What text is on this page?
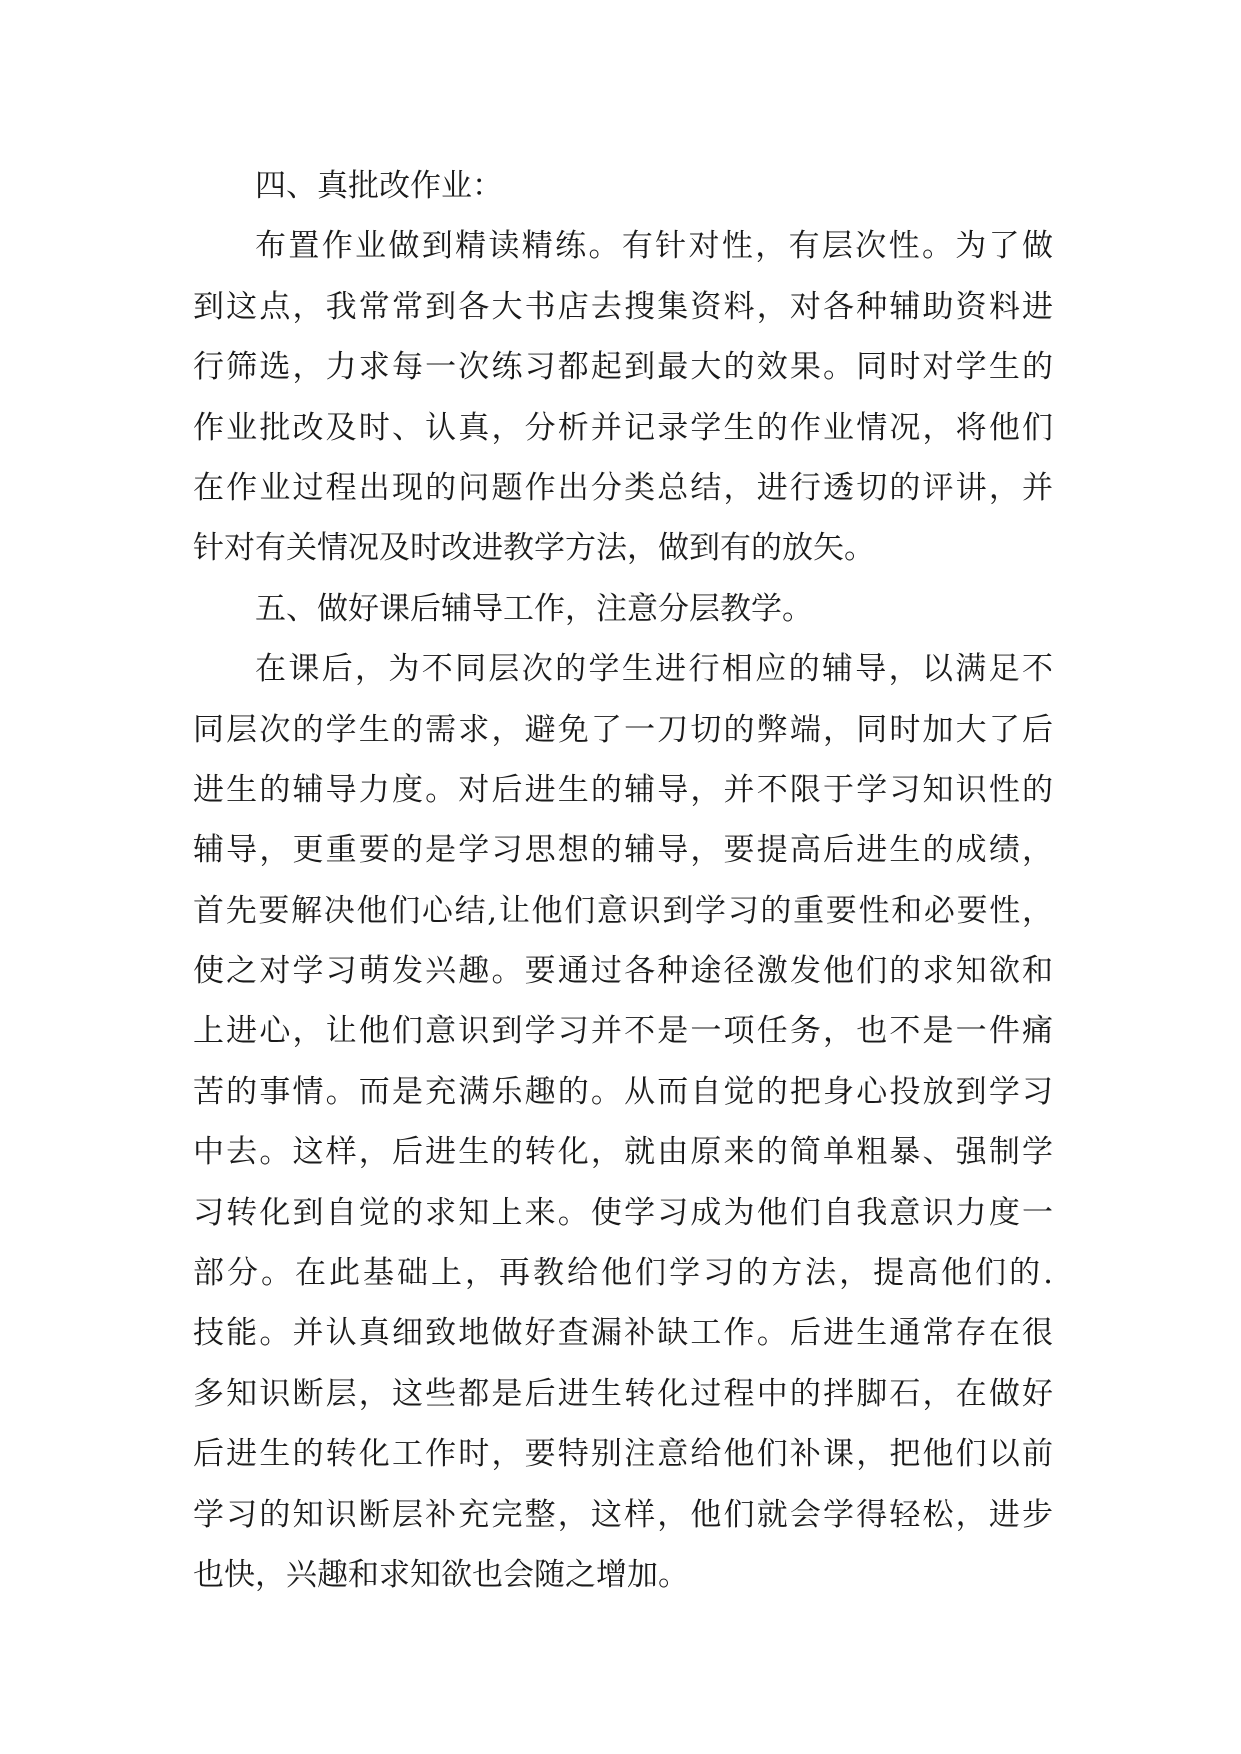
四、真批改作业：
布置作业做到精读精练。有针对性，有层次性。为了做
到这点，我常常到各大书店去搜集资料，对各种辅助资料进
行筛选，力求每一次练习都起到最大的效果。同时对学生的
作业批改及时、认真，分析并记录学生的作业情况，将他们
在作业过程出现的问题作出分类总结，进行透切的评讲，并
针对有关情况及时改进教学方法，做到有的放矢。
五、做好课后辅导工作，注意分层教学。
在课后，为不同层次的学生进行相应的辅导，以满足不
同层次的学生的需求，避免了一刀切的弊端，同时加大了后
进生的辅导力度。对后进生的辅导，并不限于学习知识性的
辅导，更重要的是学习思想的辅导，要提高后进生的成绩，
首先要解决他们心结,让他们意识到学习的重要性和必要性，
使之对学习萌发兴趣。要通过各种途径激发他们的求知欲和
上进心，让他们意识到学习并不是一项任务，也不是一件痛
苦的事情。而是充满乐趣的。从而自觉的把身心投放到学习
中去。这样，后进生的转化，就由原来的简单粗暴、强制学
习转化到自觉的求知上来。使学习成为他们自我意识力度一
部分。在此基础上，再教给他们学习的方法，提高他们的.
技能。并认真细致地做好查漏补缺工作。后进生通常存在很
多知识断层，这些都是后进生转化过程中的拌脚石，在做好
后进生的转化工作时，要特别注意给他们补课，把他们以前
学习的知识断层补充完整，这样，他们就会学得轻松，进步
也快，兴趣和求知欲也会随之增加。
